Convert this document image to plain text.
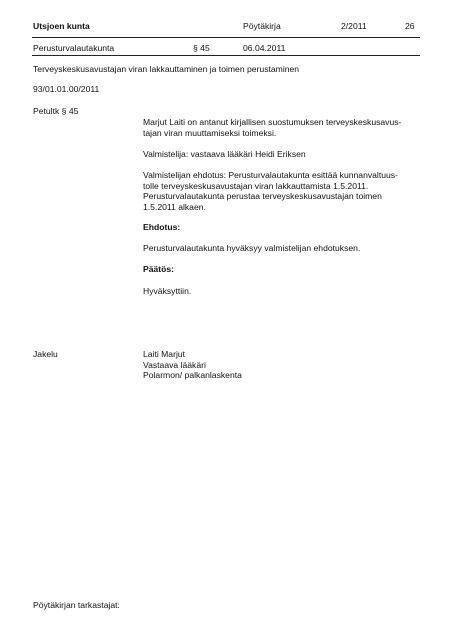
Utsjoen kunta	Pöytäkirja	2/2011	26
Perusturvalautakunta	§ 45	06.04.2011
Terveyskeskusavustajan viran lakkauttaminen ja toimen perustaminen
93/01.01.00/2011
Petultk § 45
Marjut Laiti on antanut kirjallisen suostumuksen terveyskeskusavus-
tajan viran muuttamiseksi toimeksi.
Valmistelija: vastaava lääkäri Heidi Eriksen
Valmistelijan ehdotus: Perusturvalautakunta esittää kunnanvaltuus-
tolle terveyskeskusavustajan viran lakkauttamista 1.5.2011.
Perusturvalautakunta perustaa terveyskeskusavustajan toimen
1.5.2011 alkaen.
Ehdotus:
Perusturvalautakunta hyväksyy valmistelijan ehdotuksen.
Päätös:
Hyväksyttiin.
Jakelu	Laiti Marjut
Vastaava lääkäri
Polarmon/ palkanlaskenta
Pöytäkirjan tarkastajat:
